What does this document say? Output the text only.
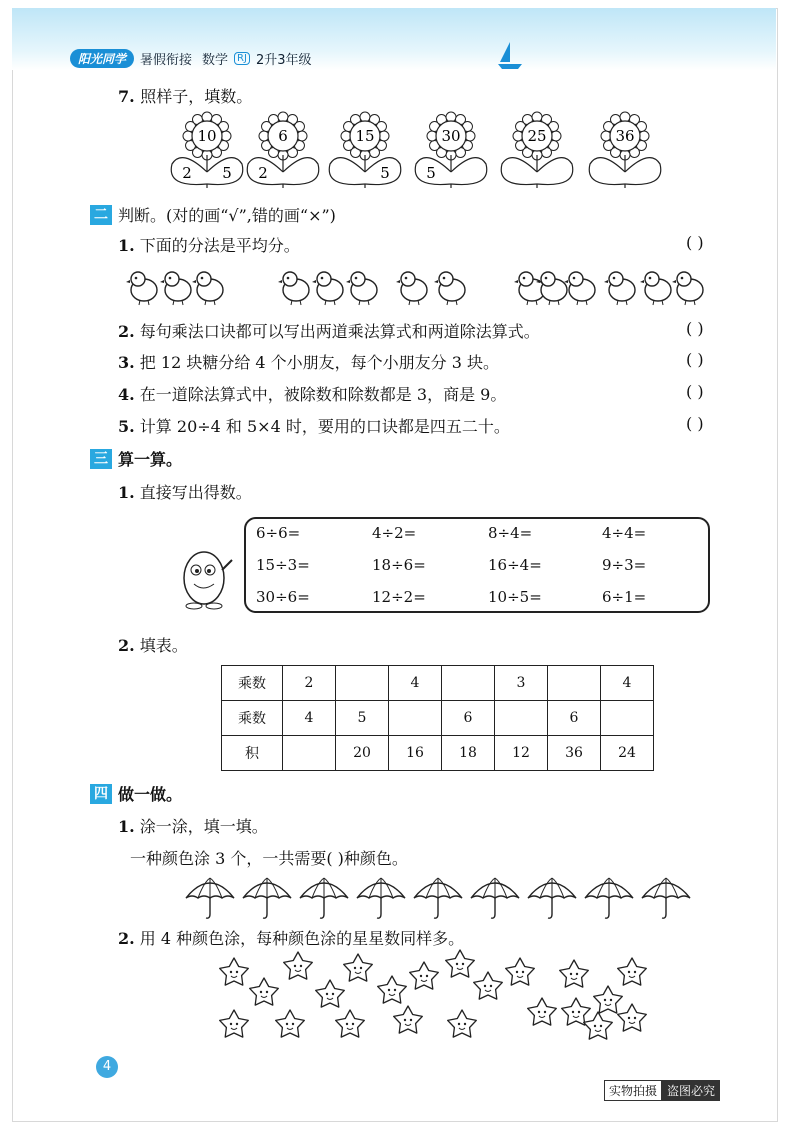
阳光同学	暑假衔接 数学 RJ 2升3年级
7. 照样子，填数。
10
2 5
6
2
15
5
30
5
25	36
二 判断。(对的画“√”,错的画“×”)
1. 下面的分法是平均分。	( )
2. 每句乘法口诀都可以写出两道乘法算式和两道除法算式。	( )
3. 把 12 块糖分给 4 个小朋友，每个小朋友分 3 块。	( )
4. 在一道除法算式中，被除数和除数都是 3，商是 9。	( )
5. 计算 20÷4 和 5×4 时，要用的口诀都是四五二十。	( )
三 算一算。
1. 直接写出得数。
6÷6=	4÷2=	8÷4=	4÷4=
15÷3=	18÷6=	16÷4=	9÷3=
30÷6=	12÷2=	10÷5=	6÷1=
2. 填表。
乘数	2		4		3		4
乘数	4	5		6		6	
积		20	16	18	12	36	24
四 做一做。
1. 涂一涂，填一填。
一种颜色涂 3 个，一共需要( )种颜色。
2. 用 4 种颜色涂，每种颜色涂的星星数同样多。
4
实物拍摄 盗图必究
